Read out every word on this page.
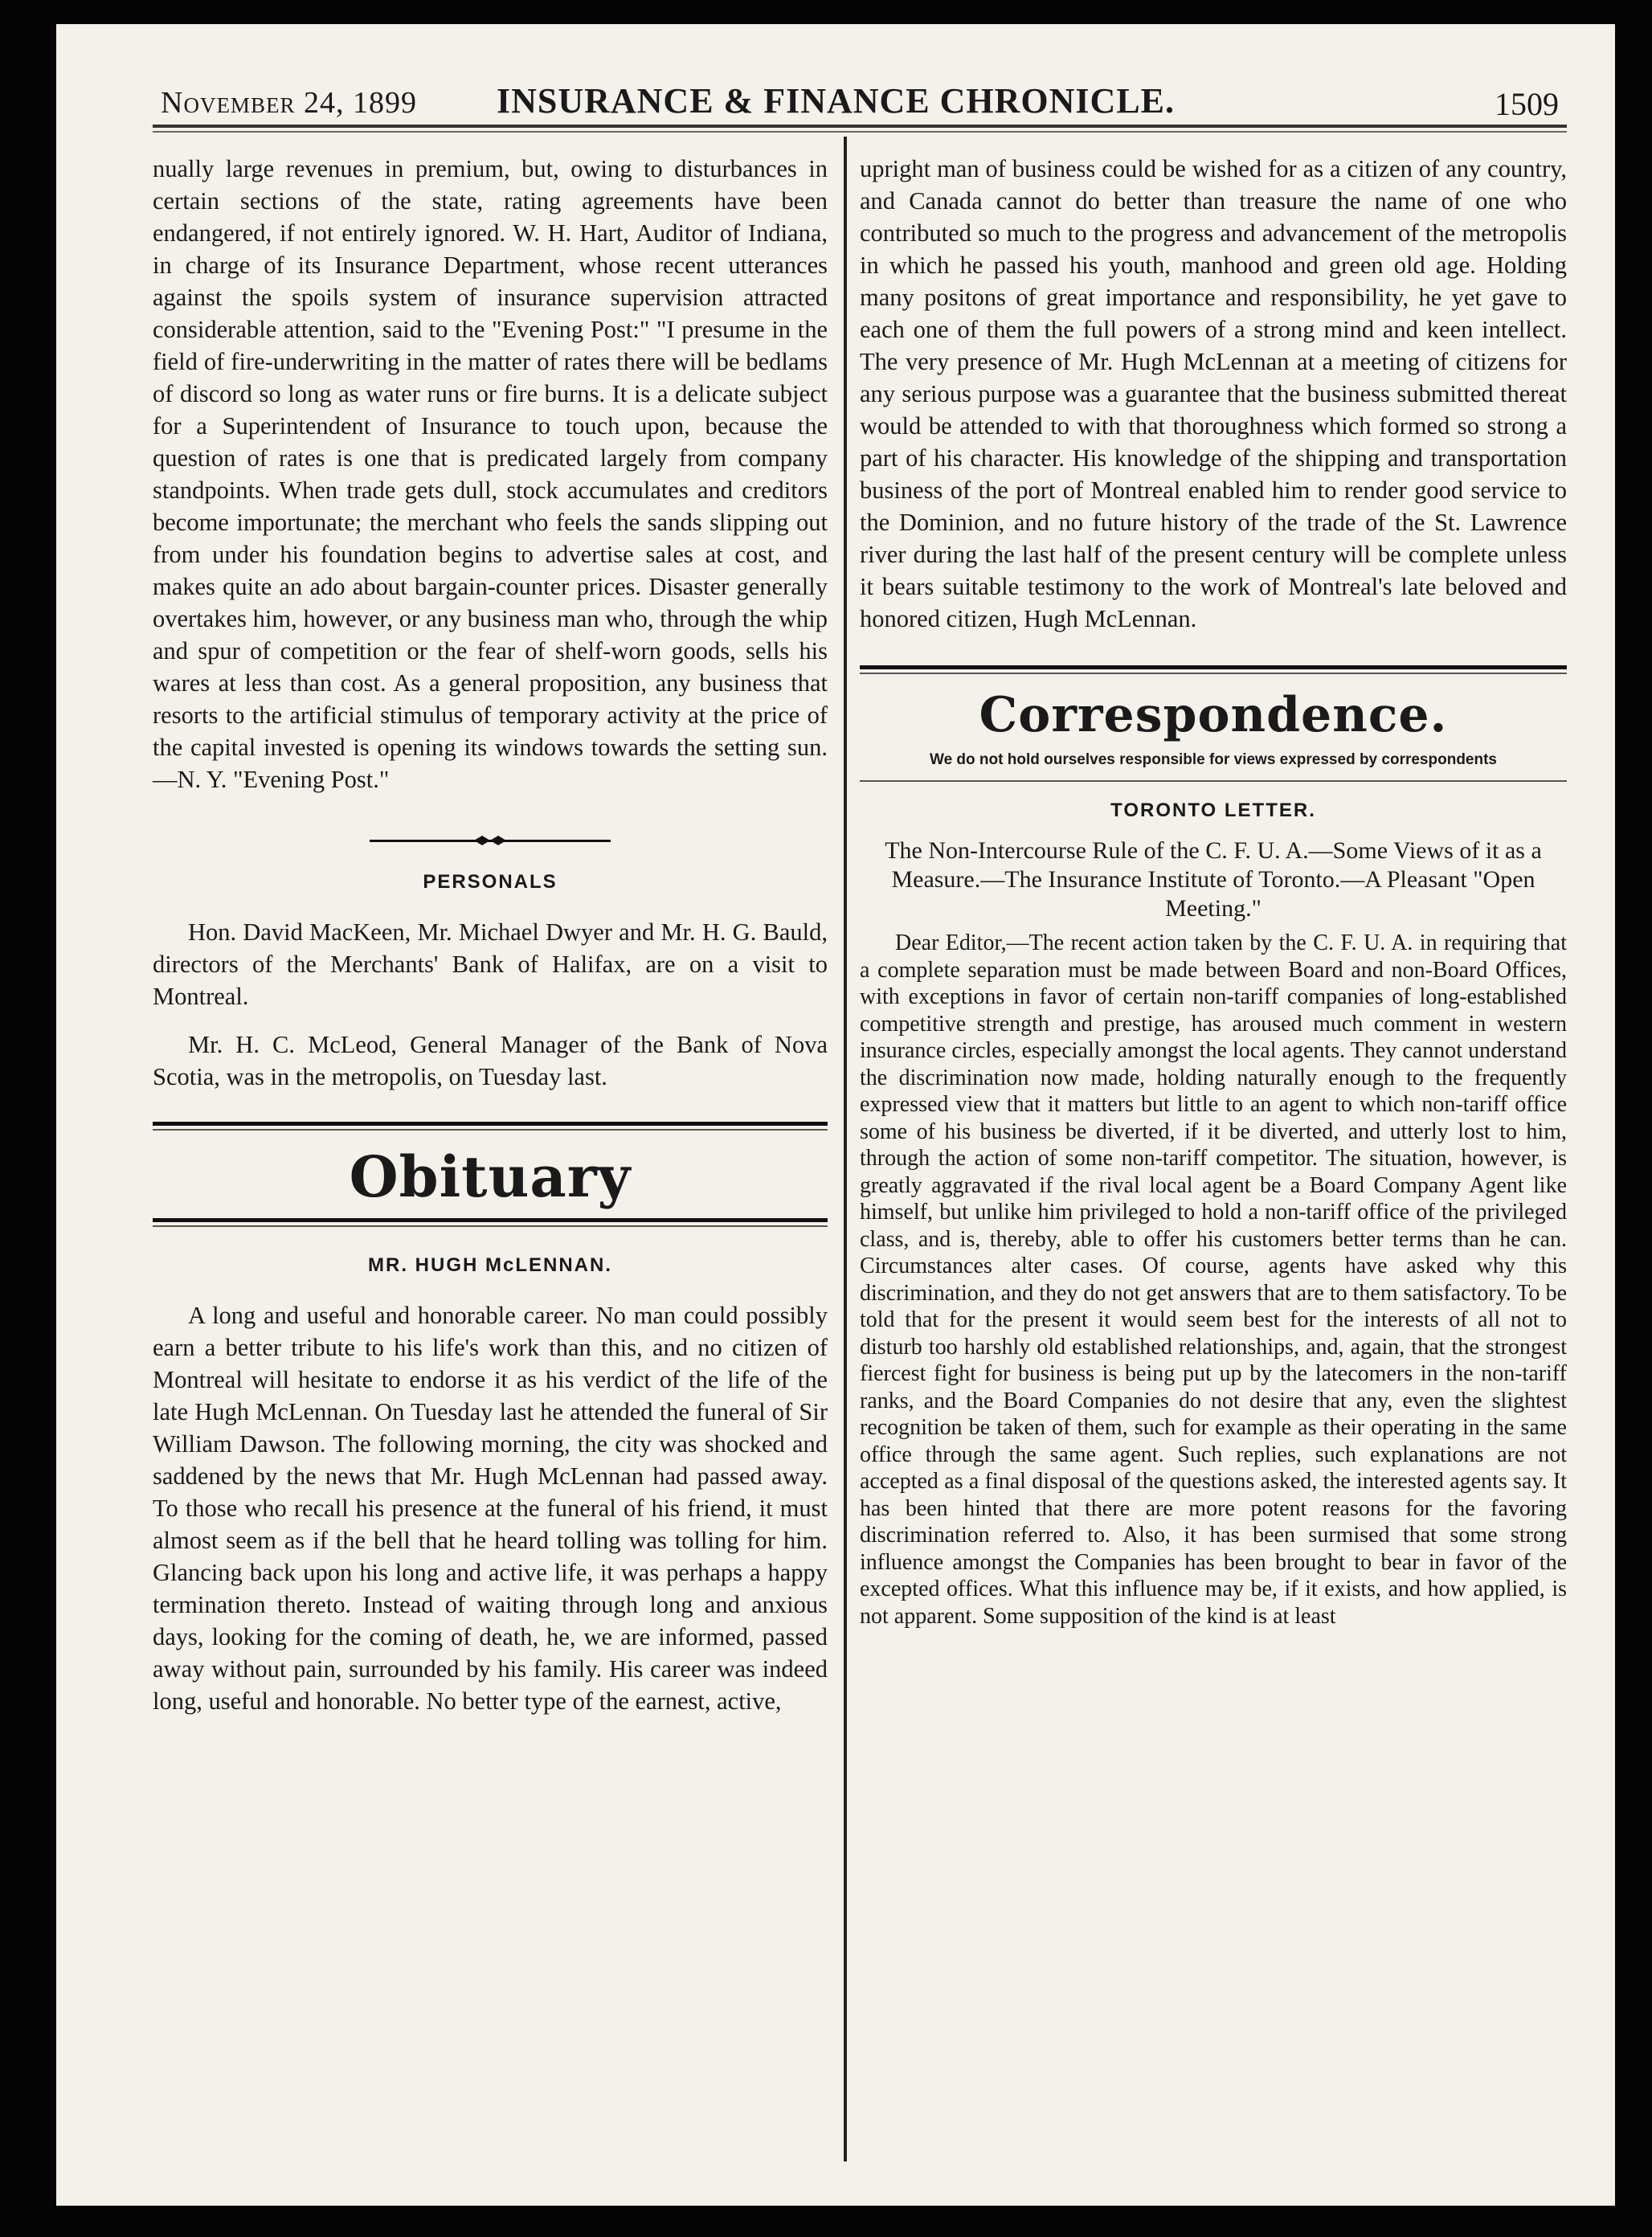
November 24, 1899	INSURANCE & FINANCE CHRONICLE.	1509

nually large revenues in premium, but, owing to disturbances in certain sections of the state, rating agreements have been endangered, if not entirely ignored. W. H. Hart, Auditor of Indiana, in charge of its Insurance Department, whose recent utterances against the spoils system of insurance supervision attracted considerable attention, said to the "Evening Post:" "I presume in the field of fire-underwriting in the matter of rates there will be bedlams of discord so long as water runs or fire burns. It is a delicate subject for a Superintendent of Insurance to touch upon, because the question of rates is one that is predicated largely from company standpoints. When trade gets dull, stock accumulates and creditors become importunate; the merchant who feels the sands slipping out from under his foundation begins to advertise sales at cost, and makes quite an ado about bargain-counter prices. Disaster generally overtakes him, however, or any business man who, through the whip and spur of competition or the fear of shelf-worn goods, sells his wares at less than cost. As a general proposition, any business that resorts to the artificial stimulus of temporary activity at the price of the capital invested is opening its windows towards the setting sun.—N. Y. "Evening Post."

PERSONALS

Hon. David MacKeen, Mr. Michael Dwyer and Mr. H. G. Bauld, directors of the Merchants' Bank of Halifax, are on a visit to Montreal.

Mr. H. C. McLeod, General Manager of the Bank of Nova Scotia, was in the metropolis, on Tuesday last.

Obituary
MR. HUGH McLENNAN.

A long and useful and honorable career. No man could possibly earn a better tribute to his life's work than this, and no citizen of Montreal will hesitate to endorse it as his verdict of the life of the late Hugh McLennan. On Tuesday last he attended the funeral of Sir William Dawson. The following morning, the city was shocked and saddened by the news that Mr. Hugh McLennan had passed away. To those who recall his presence at the funeral of his friend, it must almost seem as if the bell that he heard tolling was tolling for him. Glancing back upon his long and active life, it was perhaps a happy termination thereto. Instead of waiting through long and anxious days, looking for the coming of death, he, we are informed, passed away without pain, surrounded by his family. His career was indeed long, useful and honorable. No better type of the earnest, active,

upright man of business could be wished for as a citizen of any country, and Canada cannot do better than treasure the name of one who contributed so much to the progress and advancement of the metropolis in which he passed his youth, manhood and green old age. Holding many positons of great importance and responsibility, he yet gave to each one of them the full powers of a strong mind and keen intellect. The very presence of Mr. Hugh McLennan at a meeting of citizens for any serious purpose was a guarantee that the business submitted thereat would be attended to with that thoroughness which formed so strong a part of his character. His knowledge of the shipping and transportation business of the port of Montreal enabled him to render good service to the Dominion, and no future history of the trade of the St. Lawrence river during the last half of the present century will be complete unless it bears suitable testimony to the work of Montreal's late beloved and honored citizen, Hugh McLennan.

Correspondence.
We do not hold ourselves responsible for views expressed by correspondents
TORONTO LETTER.

The Non-Intercourse Rule of the C. F. U. A.—Some Views of it as a Measure.—The Insurance Institute of Toronto.—A Pleasant "Open Meeting."

Dear Editor,—The recent action taken by the C. F. U. A. in requiring that a complete separation must be made between Board and non-Board Offices, with exceptions in favor of certain non-tariff companies of long-established competitive strength and prestige, has aroused much comment in western insurance circles, especially amongst the local agents. They cannot understand the discrimination now made, holding naturally enough to the frequently expressed view that it matters but little to an agent to which non-tariff office some of his business be diverted, if it be diverted, and utterly lost to him, through the action of some non-tariff competitor. The situation, however, is greatly aggravated if the rival local agent be a Board Company Agent like himself, but unlike him privileged to hold a non-tariff office of the privileged class, and is, thereby, able to offer his customers better terms than he can. Circumstances alter cases. Of course, agents have asked why this discrimination, and they do not get answers that are to them satisfactory. To be told that for the present it would seem best for the interests of all not to disturb too harshly old established relationships, and, again, that the strongest fiercest fight for business is being put up by the latecomers in the non-tariff ranks, and the Board Companies do not desire that any, even the slightest recognition be taken of them, such for example as their operating in the same office through the same agent. Such replies, such explanations are not accepted as a final disposal of the questions asked, the interested agents say. It has been hinted that there are more potent reasons for the favoring discrimination referred to. Also, it has been surmised that some strong influence amongst the Companies has been brought to bear in favor of the excepted offices. What this influence may be, if it exists, and how applied, is not apparent. Some supposition of the kind is at least
